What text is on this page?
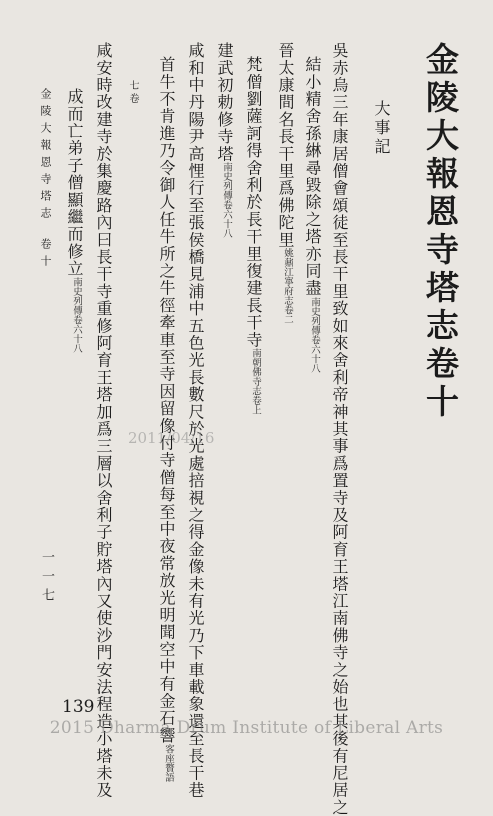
金陵大報恩寺塔志卷十
大事記
吳赤烏三年康居僧會頌徒至長干里致如來舍利帝神其事爲置寺及阿育王塔江南佛寺之始也其後有尼居之
結小精舍孫綝尋毀除之塔亦同盡南史列傳卷六十八
晉太康間名長干里爲佛陀里姚鼐江寧府志卷二
梵僧劉薩訶得舍利於長干里復建長干寺南朝佛寺志卷上
建武初勅修寺塔南史列傳卷六十八
咸和中丹陽尹高悝行至張侯橋見浦中五色光長數尺於光處掊視之得金像未有光乃下車載象還至長干巷
首牛不肯進乃令御人任牛所之牛徑牽車至寺因留像付寺僧每至中夜常放光明聞空中有金石響客座贅語
七卷
咸安時改建寺於集慶路內曰長干寺重修阿育王塔加爲三層以舍利子貯塔內又使沙門安法程造小塔未及
成而亡弟子僧顯繼而修立南史列傳卷六十八
金陵大報恩寺塔志卷十
一一七
2011/04/16
139
2015 Dharma Drum Institute of Liberal Arts
